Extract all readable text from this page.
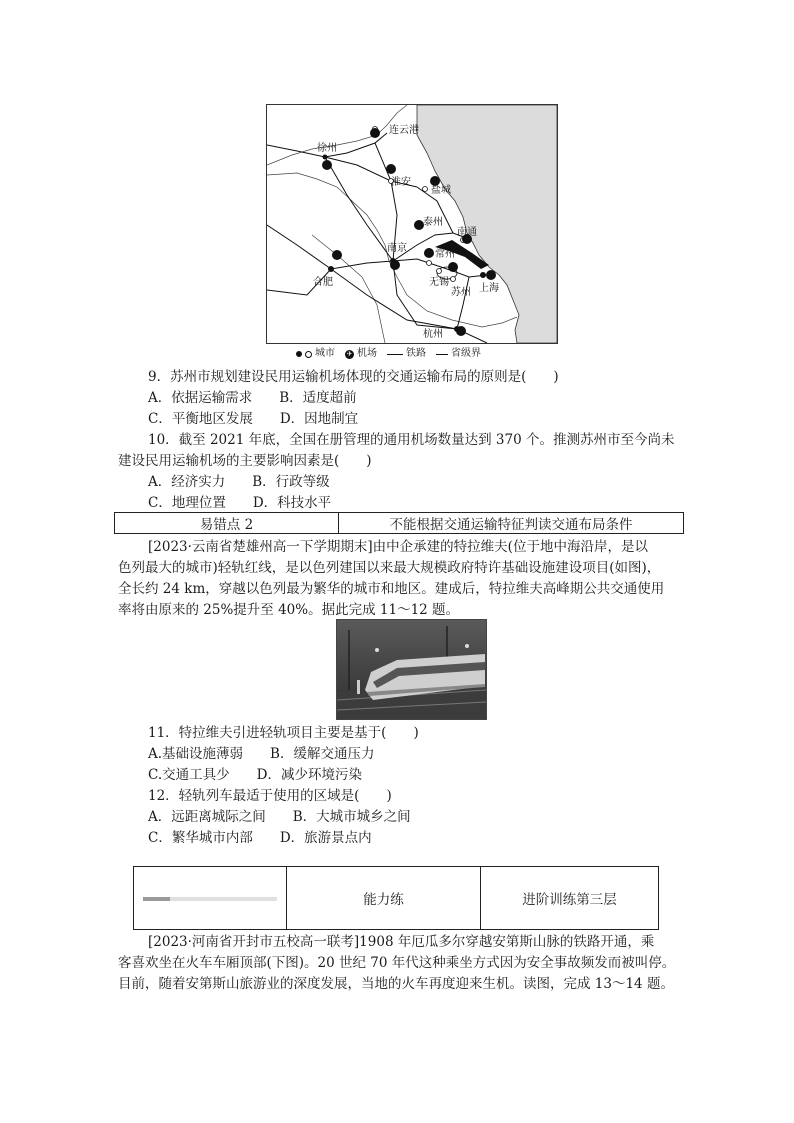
连云港
徐州
淮安
盐城
泰州
南通
南京
常州
无锡
苏州 上海
合肥
杭州
城市 ✈ 机场	铁路	省级界
9．苏州市规划建设民用运输机场体现的交通运输布局的原则是(　　)
A．依据运输需求　　B．适度超前
C．平衡地区发展　　D．因地制宜
10．截至 2021 年底，全国在册管理的通用机场数量达到 370 个。推测苏州市至今尚未
建设民用运输机场的主要影响因素是(　　)
A．经济实力　　B．行政等级
C．地理位置　　D．科技水平
易错点 2	不能根据交通运输特征判读交通布局条件
[2023·云南省楚雄州高一下学期期末]由中企承建的特拉维夫(位于地中海沿岸，是以
色列最大的城市)轻轨红线，是以色列建国以来最大规模政府特许基础设施建设项目(如图)，
全长约 24 km，穿越以色列最为繁华的城市和地区。建成后，特拉维夫高峰期公共交通使用
率将由原来的 25%提升至 40%。据此完成 11～12 题。
11．特拉维夫引进轻轨项目主要是基于(　　)
A.基础设施薄弱　　B．缓解交通压力
C.交通工具少　　D．减少环境污染
12．轻轨列车最适于使用的区域是(　　)
A．远距离城际之间　　B．大城市城乡之间
C．繁华城市内部　　D．旅游景点内
	能力练	进阶训练第三层
[2023·河南省开封市五校高一联考]1908 年厄瓜多尔穿越安第斯山脉的铁路开通，乘
客喜欢坐在火车车厢顶部(下图)。20 世纪 70 年代这种乘坐方式因为安全事故频发而被叫停。
目前，随着安第斯山旅游业的深度发展，当地的火车再度迎来生机。读图，完成 13～14 题。
